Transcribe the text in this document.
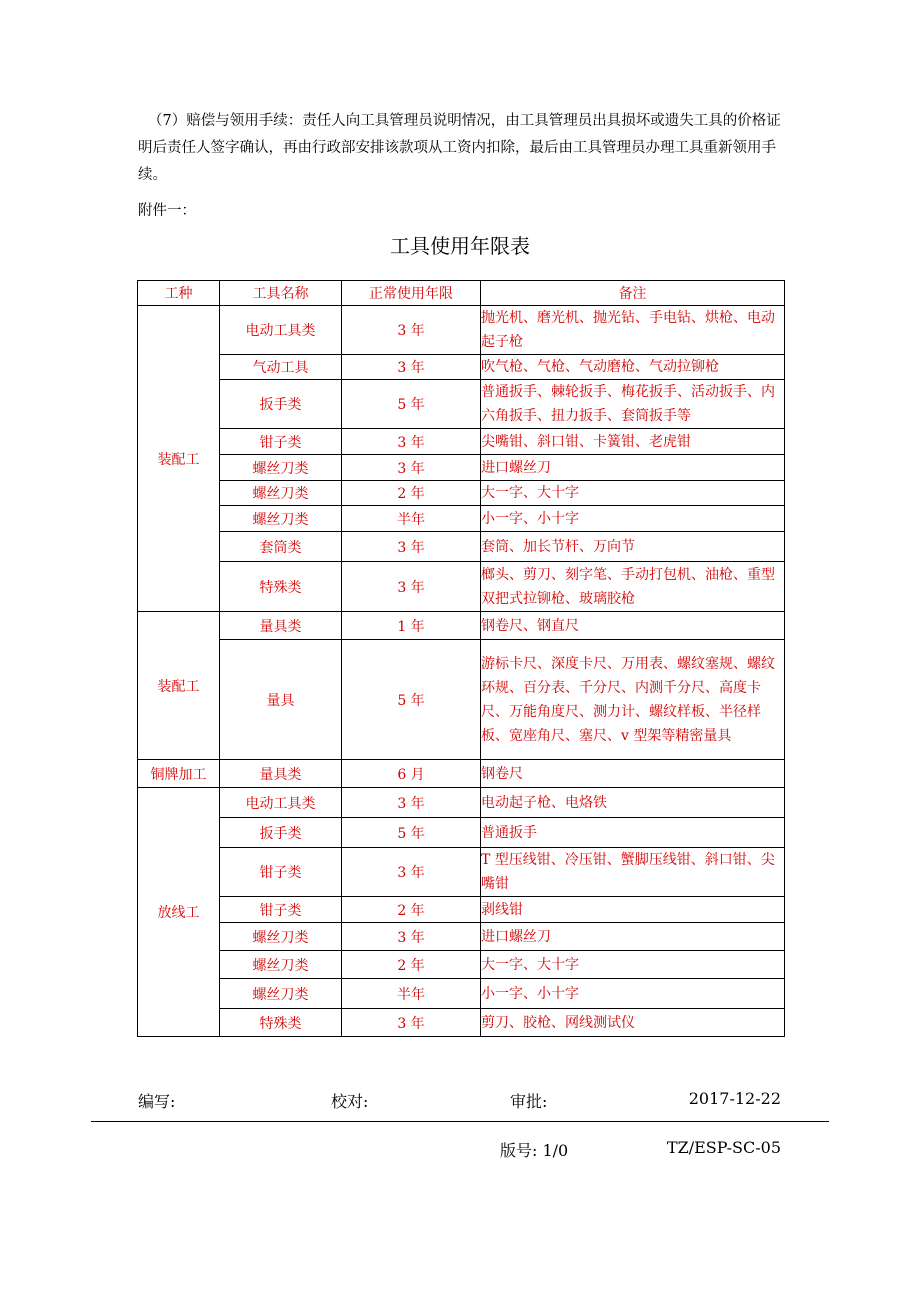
（7）赔偿与领用手续：责任人向工具管理员说明情况，由工具管理员出具损坏或遗失工具的价格证明后责任人签字确认，再由行政部安排该款项从工资内扣除，最后由工具管理员办理工具重新领用手续。
附件一：
工具使用年限表
工种	工具名称	正常使用年限	备注
装配工	电动工具类	3 年	抛光机、磨光机、抛光钻、手电钻、烘枪、电动起子枪
	气动工具	3 年	吹气枪、气枪、气动磨枪、气动拉铆枪
	扳手类	5 年	普通扳手、棘轮扳手、梅花扳手、活动扳手、内六角扳手、扭力扳手、套筒扳手等
	钳子类	3 年	尖嘴钳、斜口钳、卡簧钳、老虎钳
	螺丝刀类	3 年	进口螺丝刀
	螺丝刀类	2 年	大一字、大十字
	螺丝刀类	半年	小一字、小十字
	套筒类	3 年	套筒、加长节杆、万向节
	特殊类	3 年	榔头、剪刀、刻字笔、手动打包机、油枪、重型双把式拉铆枪、玻璃胶枪
装配工	量具类	1 年	钢卷尺、钢直尺
	量具	5 年	游标卡尺、深度卡尺、万用表、螺纹塞规、螺纹环规、百分表、千分尺、内测千分尺、高度卡尺、万能角度尺、测力计、螺纹样板、半径样板、宽座角尺、塞尺、v 型架等精密量具
铜牌加工	量具类	6 月	钢卷尺
放线工	电动工具类	3 年	电动起子枪、电烙铁
	扳手类	5 年	普通扳手
	钳子类	3 年	T 型压线钳、冷压钳、蟹脚压线钳、斜口钳、尖嘴钳
	钳子类	2 年	剥线钳
	螺丝刀类	3 年	进口螺丝刀
	螺丝刀类	2 年	大一字、大十字
	螺丝刀类	半年	小一字、小十字
	特殊类	3 年	剪刀、胶枪、网线测试仪
编写:	校对:	审批:	2017-12-22
版号: 1/0	TZ/ESP-SC-05
